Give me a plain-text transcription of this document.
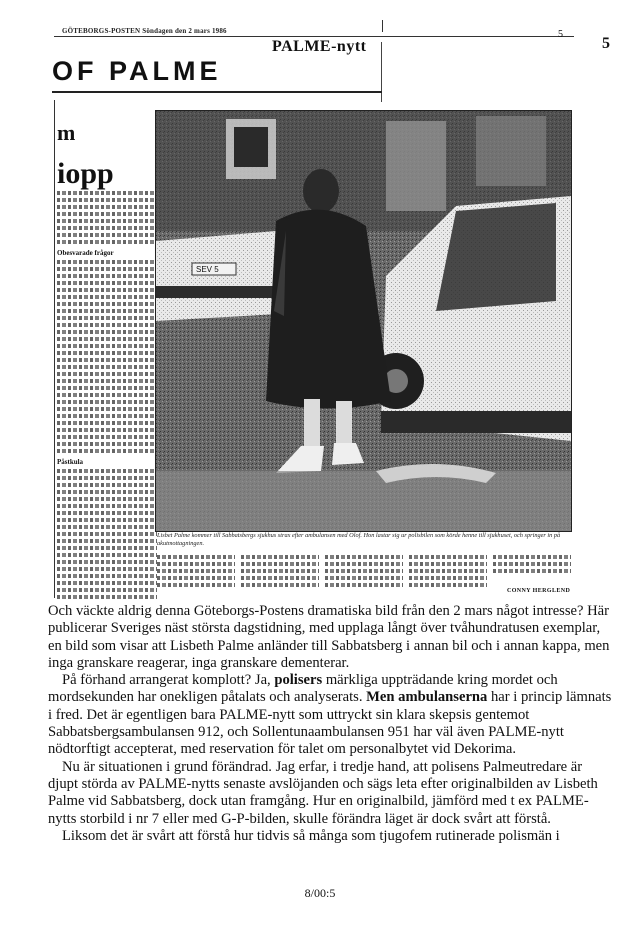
GÖTEBORGS-POSTEN Söndagen den 2 mars 1986
PALME-nytt
5
5
OF PALME
m
iopp
Obesvarade frågor
Påstkula
SEV 5
Lisbet Palme kommer till Sabbatsbergs sjukhus strax efter ambulansen med Olof. Hon lastar sig ur polisbilen som körde henne till sjukhuset, och springer in på akutmottagningen.
CONNY HERGLEND

Och väckte aldrig denna Göteborgs-Postens dramatiska bild från den 2 mars något intresse? Här publicerar Sveriges näst största dagstidning, med upplaga långt över tvåhundratusen exemplar, en bild som visar att Lisbeth Palme anländer till Sabbatsberg i annan bil och i annan kappa, men inga granskare reagerar, inga granskare dementerar.

På förhand arrangerat komplott? Ja, polisers märkliga uppträdande kring mordet och mordsekunden har onekligen påtalats och analyserats. Men ambulanserna har i princip lämnats i fred. Det är egentligen bara PALME-nytt som uttryckt sin klara skepsis gentemot Sabbatsbergsambulansen 912, och Sollentunaambulansen 951 har väl även PALME-nytt nödtorftigt accepterat, med reservation för talet om personalbytet vid Dekorima.

Nu är situationen i grund förändrad. Jag erfar, i tredje hand, att polisens Palmeutredare är djupt störda av PALME-nytts senaste avslöjanden och sägs leta efter originalbilden av Lisbeth Palme vid Sabbatsberg, dock utan framgång. Hur en originalbild, jämförd med t ex PALME-nytts storbild i nr 7 eller med G-P-bilden, skulle förändra läget är dock svårt att förstå.

Liksom det är svårt att förstå hur tidvis så många som tjugofem rutinerade polismän i

8/00:5
